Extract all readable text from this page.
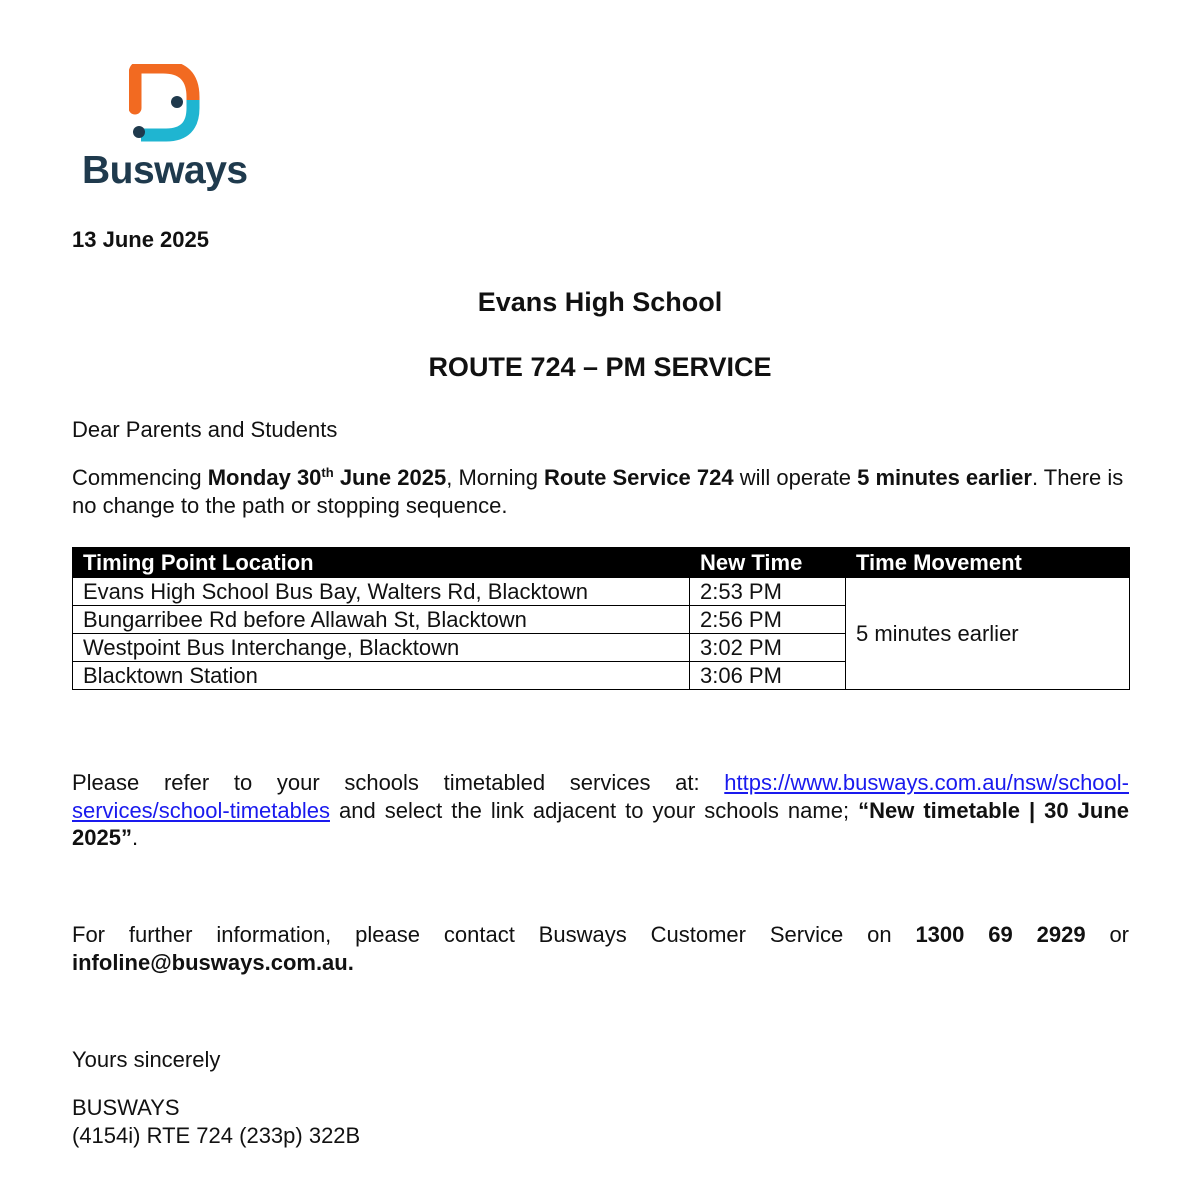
Busways
13 June 2025
Evans High School
ROUTE 724 – PM SERVICE
Dear Parents and Students
Commencing Monday 30th June 2025, Morning Route Service 724 will operate 5 minutes earlier. There is no change to the path or stopping sequence.
Timing Point Location	New Time	Time Movement
Evans High School Bus Bay, Walters Rd, Blacktown	2:53 PM	5 minutes earlier
Bungarribee Rd before Allawah St, Blacktown	2:56 PM	
Westpoint Bus Interchange, Blacktown	3:02 PM	
Blacktown Station	3:06 PM	
Please refer to your schools timetabled services at: https://www.busways.com.au/nsw/school-services/school-timetables and select the link adjacent to your schools name; “New timetable | 30 June 2025”.
For further information, please contact Busways Customer Service on 1300 69 2929 or infoline@busways.com.au.
Yours sincerely
BUSWAYS
(4154i) RTE 724 (233p) 322B
